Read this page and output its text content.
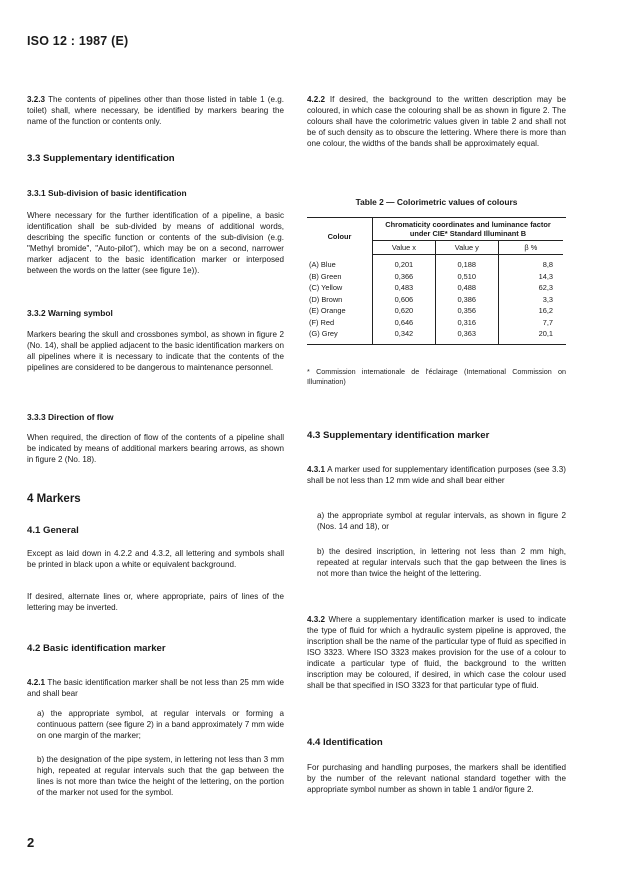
ISO 12 : 1987 (E)

3.2.3 The contents of pipelines other than those listed in table 1 (e.g. toilet) shall, where necessary, be identified by markers bearing the name of the function or contents only.

3.3 Supplementary identification
3.3.1 Sub-division of basic identification

Where necessary for the further identification of a pipeline, a basic identification shall be sub-divided by means of additional words, describing the specific function or contents of the sub-division (e.g. "Methyl bromide", "Auto-pilot"), which may be on a second, narrower marker adjacent to the basic identification marker or interposed between the words on the latter (see figure 1e)).

3.3.2 Warning symbol

Markers bearing the skull and crossbones symbol, as shown in figure 2 (No. 14), shall be applied adjacent to the basic identification markers on all pipelines where it is necessary to indicate that the contents of the pipelines are considered to be dangerous to maintenance personnel.

3.3.3 Direction of flow

When required, the direction of flow of the contents of a pipeline shall be indicated by means of additional markers bearing arrows, as shown in figure 2 (No. 18).

4 Markers
4.1 General

Except as laid down in 4.2.2 and 4.3.2, all lettering and symbols shall be printed in black upon a white or equivalent background.

If desired, alternate lines or, where appropriate, pairs of lines of the lettering may be inverted.

4.2 Basic identification marker

4.2.1 The basic identification marker shall be not less than 25 mm wide and shall bear

a) the appropriate symbol, at regular intervals or forming a continuous pattern (see figure 2) in a band approximately 7 mm wide on one margin of the marker;

b) the designation of the pipe system, in lettering not less than 3 mm high, repeated at regular intervals such that the gap between the lines is not more than twice the height of the lettering, on the portion of the marker not used for the symbol.

4.2.2 If desired, the background to the written description may be coloured, in which case the colouring shall be as shown in figure 2. The colours shall have the colorimetric values given in table 2 and shall not be of such density as to obscure the lettering. Where there is more than one colour, the widths of the bands shall be approximately equal.

Table 2 — Colorimetric values of colours
Colour	Chromaticity coordinates and luminance factor under CIE* Standard Illuminant B		
	Value x	Value y	β %
(A) Blue	0,201	0,188	8,8
(B) Green	0,366	0,510	14,3
(C) Yellow	0,483	0,488	62,3
(D) Brown	0,606	0,386	3,3
(E) Orange	0,620	0,356	16,2
(F) Red	0,646	0,316	7,7
(G) Grey	0,342	0,363	20,1

* Commission internationale de l'éclairage (International Commission on Illumination)

4.3 Supplementary identification marker

4.3.1 A marker used for supplementary identification purposes (see 3.3) shall be not less than 12 mm wide and shall bear either

a) the appropriate symbol at regular intervals, as shown in figure 2 (Nos. 14 and 18), or

b) the desired inscription, in lettering not less than 2 mm high, repeated at regular intervals such that the gap between the lines is not more than twice the height of the lettering.

4.3.2 Where a supplementary identification marker is used to indicate the type of fluid for which a hydraulic system pipeline is approved, the inscription shall be the name of the particular type of fluid as specified in ISO 3323. Where ISO 3323 makes provision for the use of a colour to indicate a particular type of fluid, the background to the written inscription may be coloured, if desired, in which case the colour used shall be that specified in ISO 3323 for that particular type of fluid.

4.4 Identification

For purchasing and handling purposes, the markers shall be identified by the number of the relevant national standard together with the appropriate symbol number as shown in table 1 and/or figure 2.

2
